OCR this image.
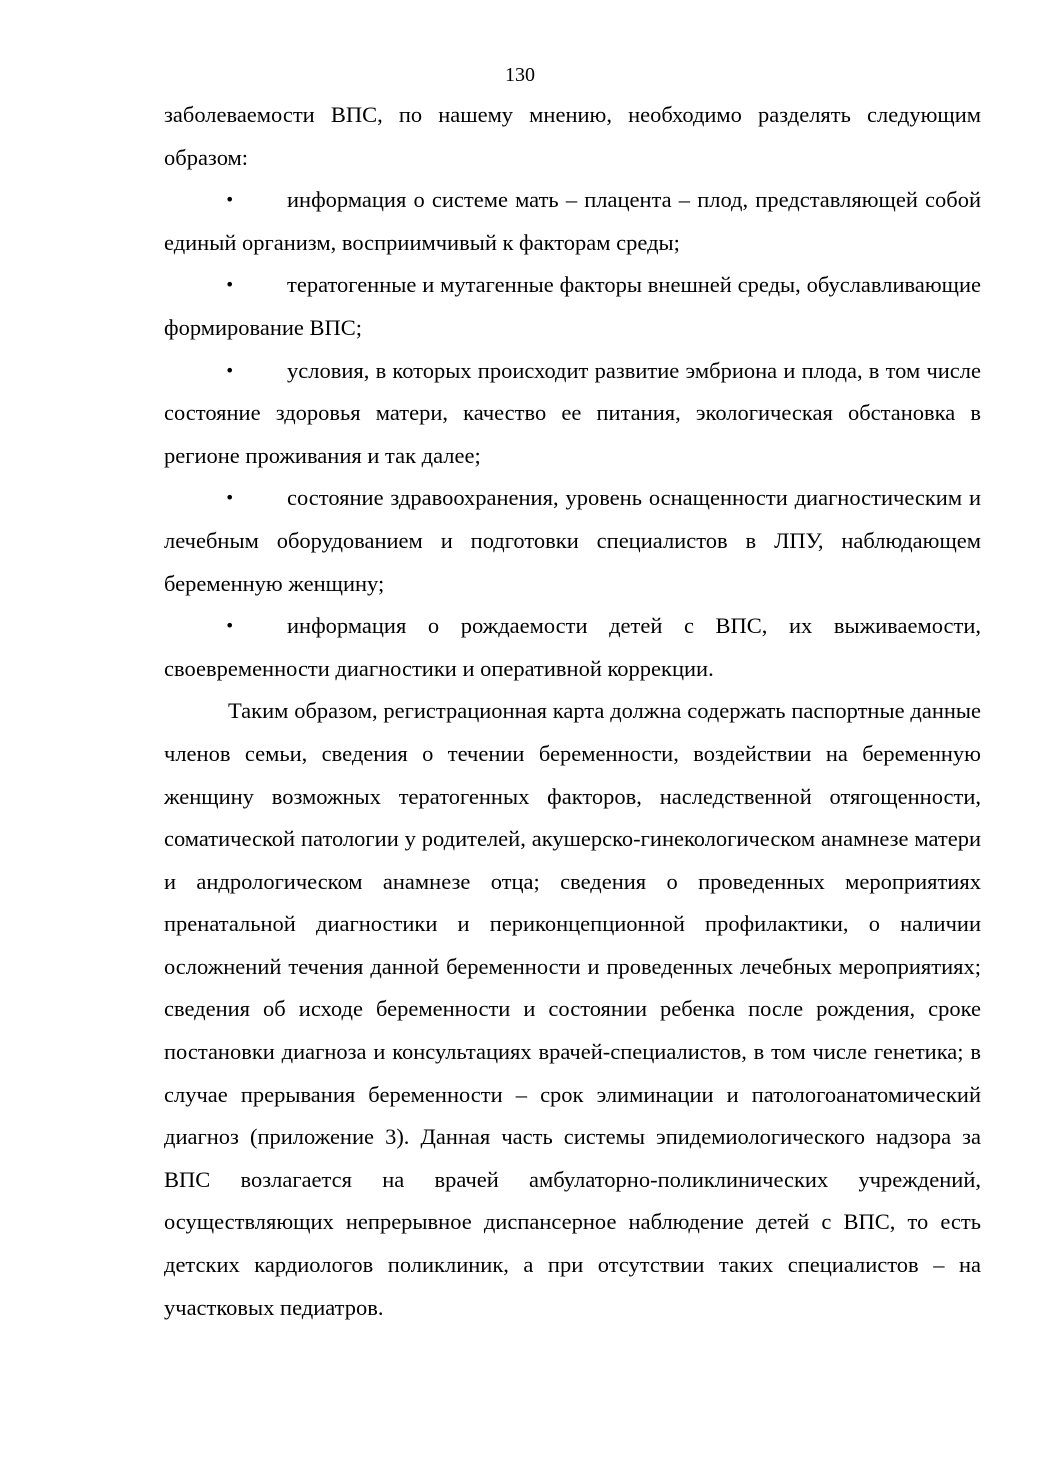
130

заболеваемости ВПС, по нашему мнению, необходимо разделять следующим образом:

• информация о системе мать – плацента – плод, представляющей собой единый организм, восприимчивый к факторам среды;

• тератогенные и мутагенные факторы внешней среды, обуславливающие формирование ВПС;

• условия, в которых происходит развитие эмбриона и плода, в том числе состояние здоровья матери, качество ее питания, экологическая обстановка в регионе проживания и так далее;

• состояние здравоохранения, уровень оснащенности диагностическим и лечебным оборудованием и подготовки специалистов в ЛПУ, наблюдающем беременную женщину;

• информация о рождаемости детей с ВПС, их выживаемости, своевременности диагностики и оперативной коррекции.

Таким образом, регистрационная карта должна содержать паспортные данные членов семьи, сведения о течении беременности, воздействии на беременную женщину возможных тератогенных факторов, наследственной отягощенности, соматической патологии у родителей, акушерско-гинекологическом анамнезе матери и андрологическом анамнезе отца; сведения о проведенных мероприятиях пренатальной диагностики и периконцепционной профилактики, о наличии осложнений течения данной беременности и проведенных лечебных мероприятиях; сведения об исходе беременности и состоянии ребенка после рождения, сроке постановки диагноза и консультациях врачей-специалистов, в том числе генетика; в случае прерывания беременности – срок элиминации и патологоанатомический диагноз (приложение 3). Данная часть системы эпидемиологического надзора за ВПС возлагается на врачей амбулаторно-поликлинических учреждений, осуществляющих непрерывное диспансерное наблюдение детей с ВПС, то есть детских кардиологов поликлиник, а при отсутствии таких специалистов – на участковых педиатров.
